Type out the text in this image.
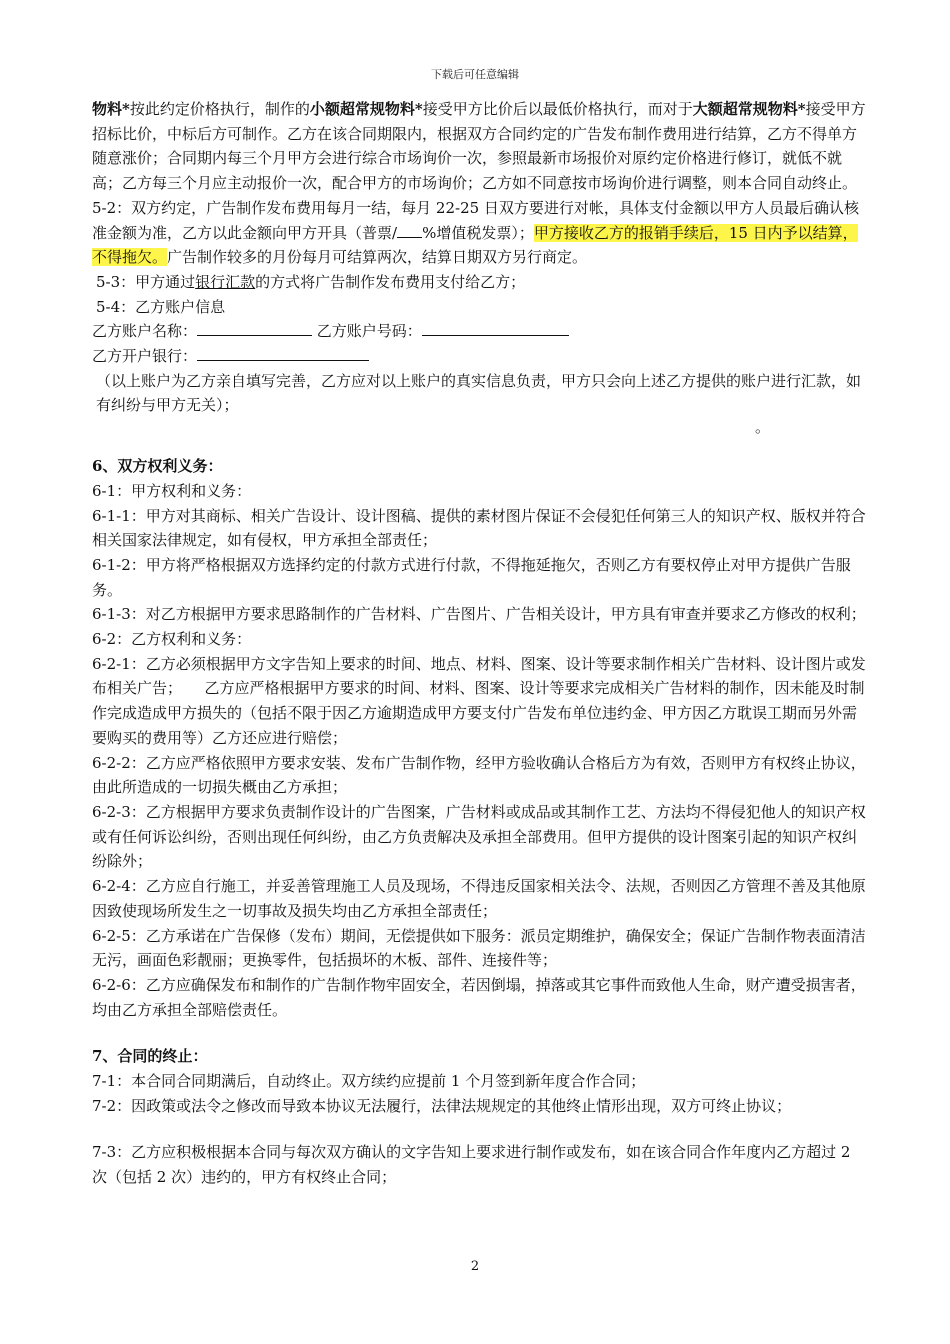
下载后可任意编辑

物料*按此约定价格执行，制作的小额超常规物料*接受甲方比价后以最低价格执行，而对于大额超常规物料*接受甲方招标比价，中标后方可制作。乙方在该合同期限内，根据双方合同约定的广告发布制作费用进行结算，乙方不得单方随意涨价；合同期内每三个月甲方会进行综合市场询价一次，参照最新市场报价对原约定价格进行修订，就低不就高；乙方每三个月应主动报价一次，配合甲方的市场询价；乙方如不同意按市场询价进行调整，则本合同自动终止。

5-2：双方约定，广告制作发布费用每月一结，每月 22-25 日双方要进行对帐，具体支付金额以甲方人员最后确认核准金额为准，乙方以此金额向甲方开具（普票/ %增值税发票）；甲方接收乙方的报销手续后，15 日内予以结算，不得拖欠。广告制作较多的月份每月可结算两次，结算日期双方另行商定。

5-3：甲方通过银行汇款的方式将广告制作发布费用支付给乙方；

5-4：乙方账户信息

乙方账户名称：	乙方账户号码：

乙方开户银行：

（以上账户为乙方亲自填写完善，乙方应对以上账户的真实信息负责，甲方只会向上述乙方提供的账户进行汇款，如有纠纷与甲方无关）；

。

6、双方权利义务：

6-1：甲方权利和义务：

6-1-1：甲方对其商标、相关广告设计、设计图稿、提供的素材图片保证不会侵犯任何第三人的知识产权、版权并符合相关国家法律规定，如有侵权，甲方承担全部责任；

6-1-2：甲方将严格根据双方选择约定的付款方式进行付款，不得拖延拖欠，否则乙方有要权停止对甲方提供广告服务。

6-1-3：对乙方根据甲方要求思路制作的广告材料、广告图片、广告相关设计，甲方具有审查并要求乙方修改的权利；

6-2：乙方权利和义务：

6-2-1：乙方必须根据甲方文字告知上要求的时间、地点、材料、图案、设计等要求制作相关广告材料、设计图片或发布相关广告；　　乙方应严格根据甲方要求的时间、材料、图案、设计等要求完成相关广告材料的制作，因未能及时制作完成造成甲方损失的（包括不限于因乙方逾期造成甲方要支付广告发布单位违约金、甲方因乙方耽误工期而另外需要购买的费用等）乙方还应进行赔偿；

6-2-2：乙方应严格依照甲方要求安装、发布广告制作物，经甲方验收确认合格后方为有效，否则甲方有权终止协议，由此所造成的一切损失概由乙方承担；

6-2-3：乙方根据甲方要求负责制作设计的广告图案，广告材料或成品或其制作工艺、方法均不得侵犯他人的知识产权或有任何诉讼纠纷，否则出现任何纠纷，由乙方负责解决及承担全部费用。但甲方提供的设计图案引起的知识产权纠纷除外；

6-2-4：乙方应自行施工，并妥善管理施工人员及现场，不得违反国家相关法令、法规，否则因乙方管理不善及其他原因致使现场所发生之一切事故及损失均由乙方承担全部责任；

6-2-5：乙方承诺在广告保修（发布）期间，无偿提供如下服务：派员定期维护，确保安全；保证广告制作物表面清洁无污，画面色彩靓丽；更换零件，包括损坏的木板、部件、连接件等；

6-2-6：乙方应确保发布和制作的广告制作物牢固安全，若因倒塌，掉落或其它事件而致他人生命，财产遭受损害者，均由乙方承担全部赔偿责任。

7、合同的终止：

7-1：本合同合同期满后，自动终止。双方续约应提前 1 个月签到新年度合作合同；

7-2：因政策或法令之修改而导致本协议无法履行，法律法规规定的其他终止情形出现，双方可终止协议；

7-3：乙方应积极根据本合同与每次双方确认的文字告知上要求进行制作或发布，如在该合同合作年度内乙方超过 2 次（包括 2 次）违约的，甲方有权终止合同；

2
